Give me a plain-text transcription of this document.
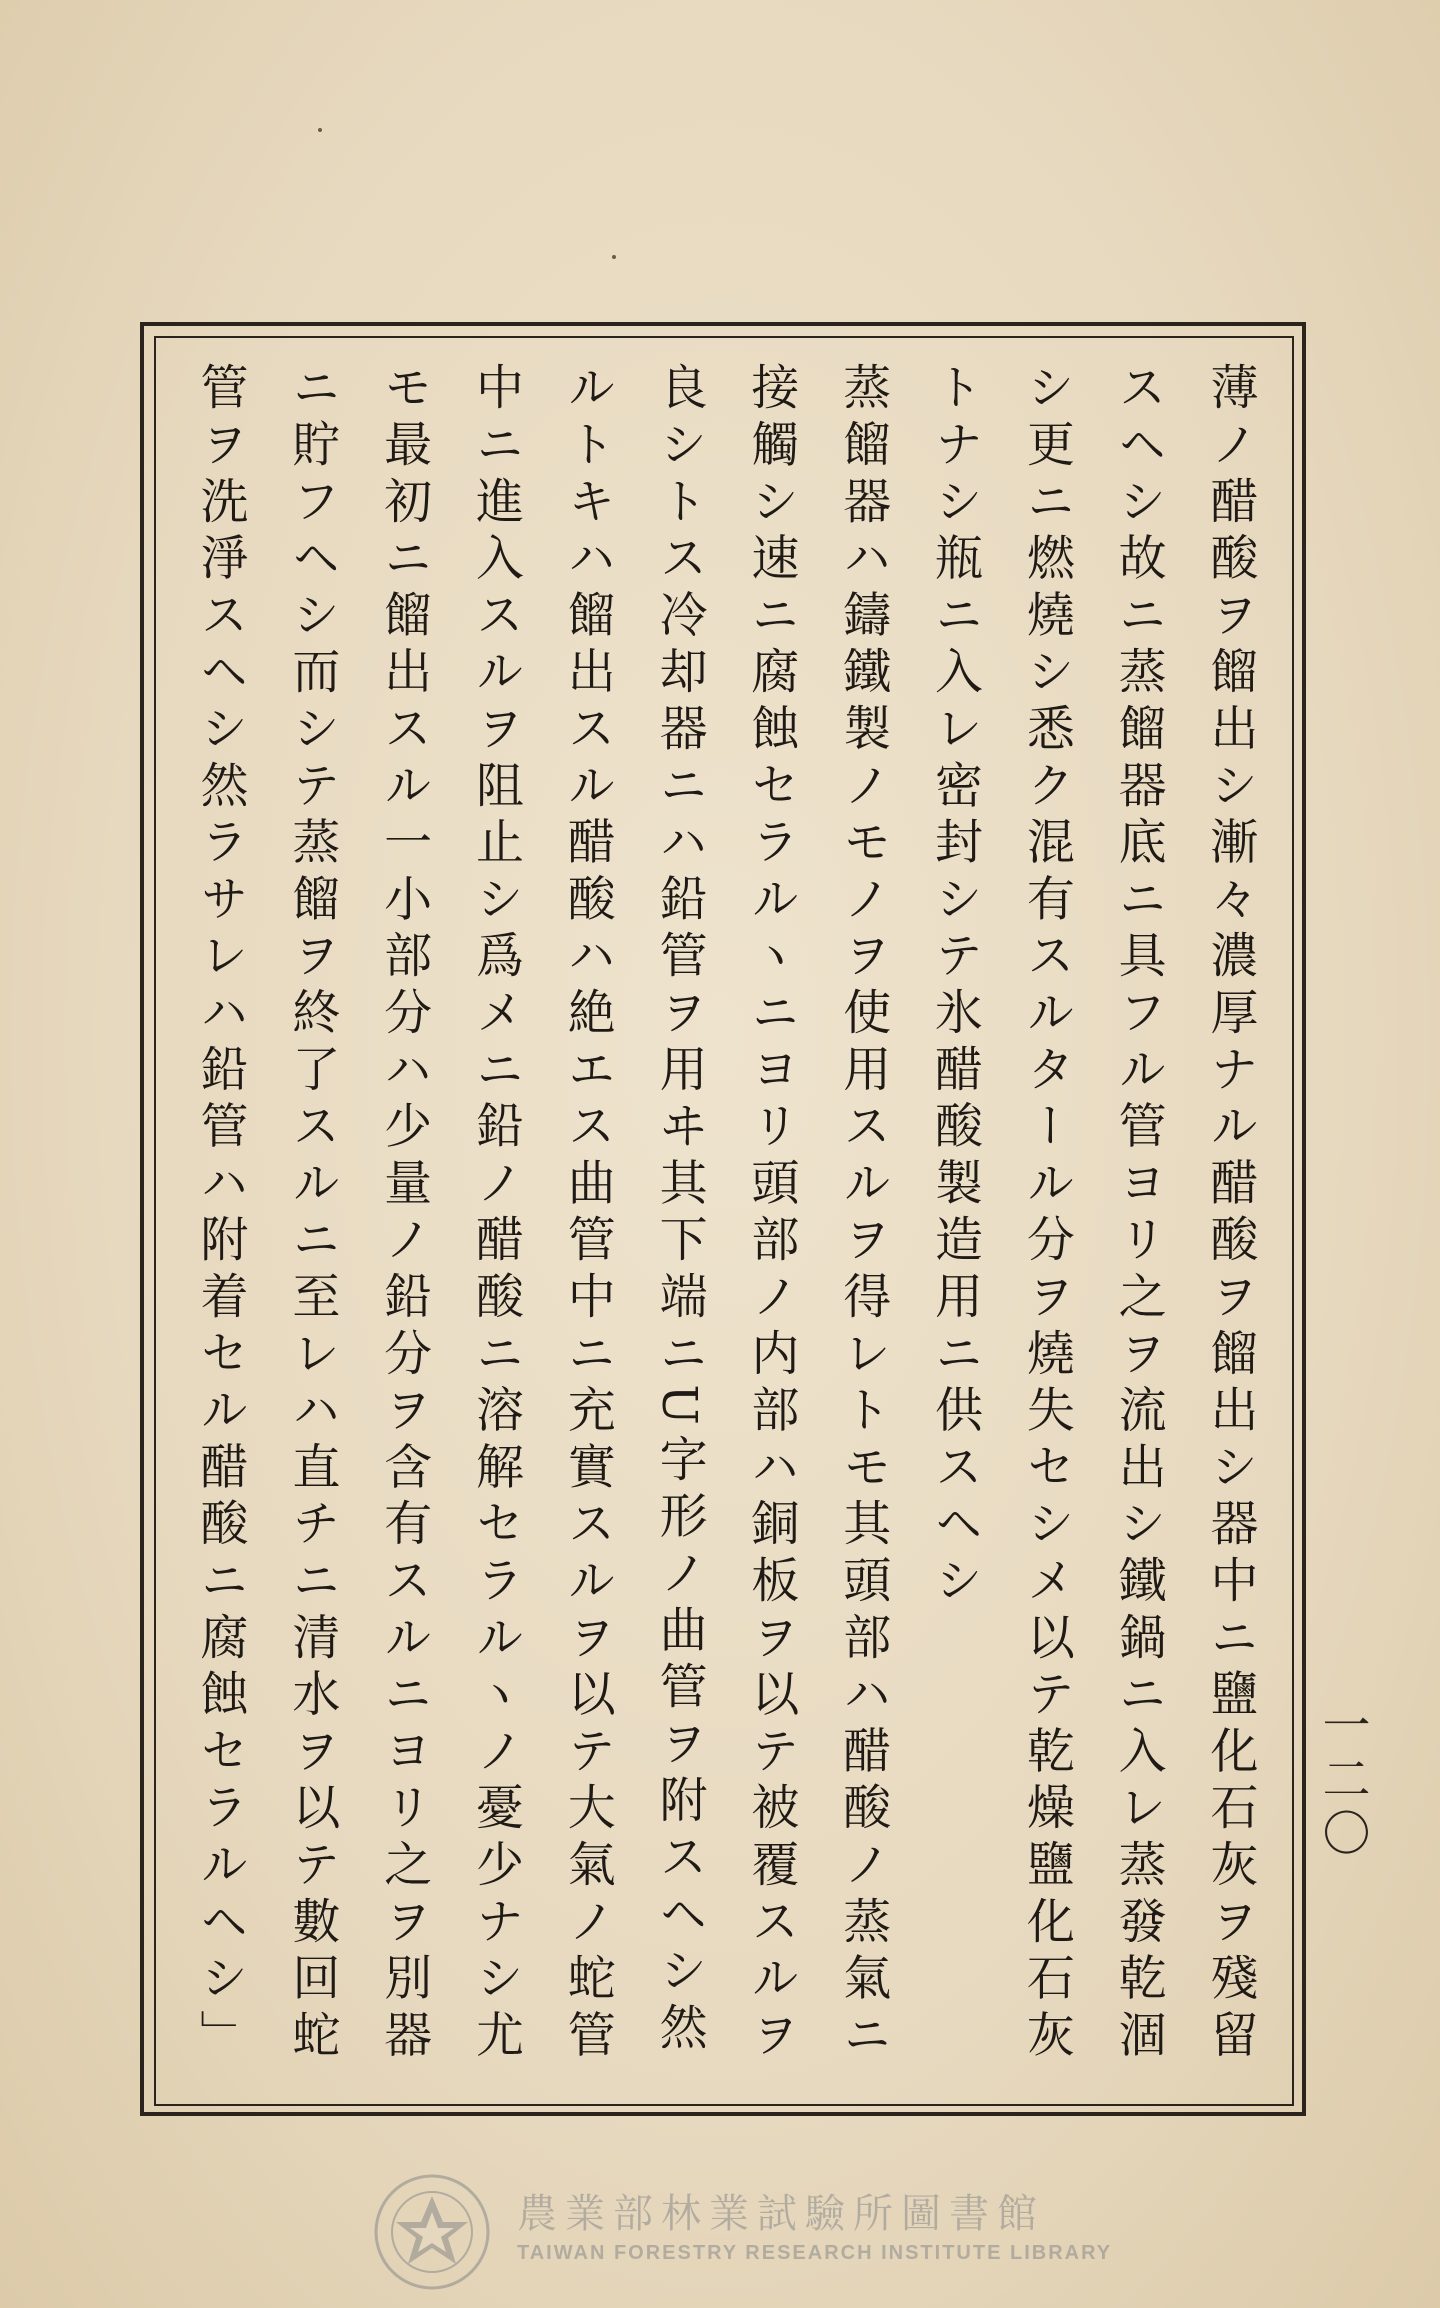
薄ノ醋酸ヲ餾出シ漸々濃厚ナル醋酸ヲ餾出シ器中ニ鹽化石灰ヲ殘留
スヘシ故ニ蒸餾器底ニ具フル管ヨリ之ヲ流出シ鐵鍋ニ入レ蒸發乾涸
シ更ニ燃燒シ悉ク混有スルタール分ヲ燒失セシメ以テ乾燥鹽化石灰
トナシ瓶ニ入レ密封シテ氷醋酸製造用ニ供スヘシ
蒸餾器ハ鑄鐵製ノモノヲ使用スルヲ得レトモ其頭部ハ醋酸ノ蒸氣ニ
接觸シ速ニ腐蝕セラルヽニヨリ頭部ノ内部ハ銅板ヲ以テ被覆スルヲ
良シトス冷却器ニハ鉛管ヲ用ヰ其下端ニU字形ノ曲管ヲ附スヘシ然
ルトキハ餾出スル醋酸ハ絶エス曲管中ニ充實スルヲ以テ大氣ノ蛇管
中ニ進入スルヲ阻止シ爲メニ鉛ノ醋酸ニ溶解セラルヽノ憂少ナシ尤
モ最初ニ餾出スル一小部分ハ少量ノ鉛分ヲ含有スルニヨリ之ヲ別器
ニ貯フヘシ而シテ蒸餾ヲ終了スルニ至レハ直チニ清水ヲ以テ數回蛇
管ヲ洗淨スヘシ然ラサレハ鉛管ハ附着セル醋酸ニ腐蝕セラルヘシ」	一二〇
農業部林業試驗所圖書館
TAIWAN FORESTRY RESEARCH INSTITUTE LIBRARY
